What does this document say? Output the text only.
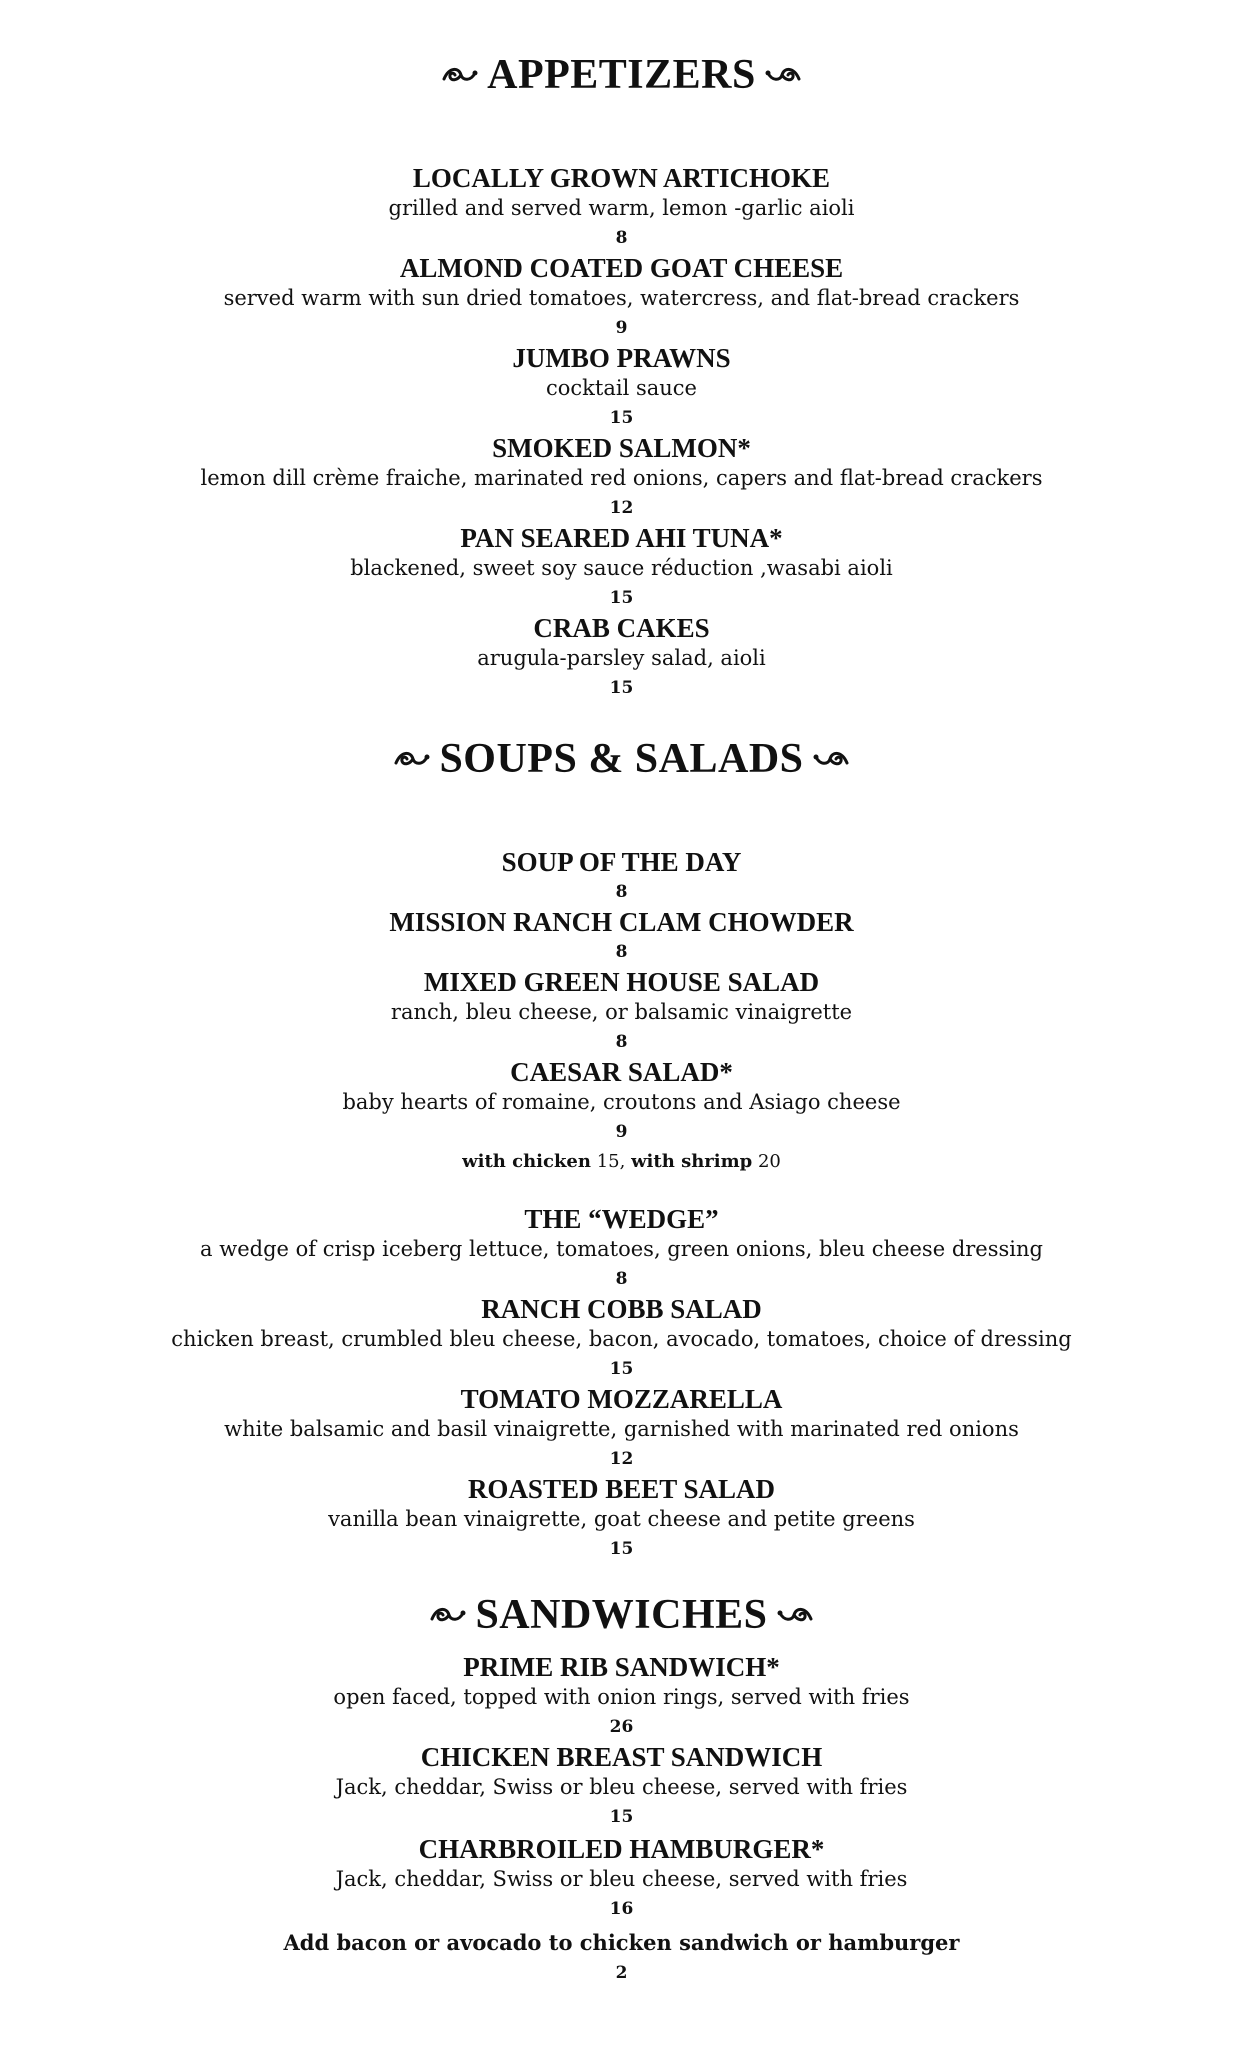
APPETIZERS

LOCALLY GROWN ARTICHOKE

grilled and served warm, lemon -garlic aioli

8

ALMOND COATED GOAT CHEESE

served warm with sun dried tomatoes, watercress, and flat-bread crackers

9

JUMBO PRAWNS

cocktail sauce

15

SMOKED SALMON*

lemon dill crème fraiche, marinated red onions, capers and flat-bread crackers

12

PAN SEARED AHI TUNA*

blackened, sweet soy sauce réduction ,wasabi aioli

15

CRAB CAKES

arugula-parsley salad, aioli

15

SOUPS & SALADS

SOUP OF THE DAY

8

MISSION RANCH CLAM CHOWDER

8

MIXED GREEN HOUSE SALAD

ranch, bleu cheese, or balsamic vinaigrette

8

CAESAR SALAD*

baby hearts of romaine, croutons and Asiago cheese

9

with chicken 15, with shrimp 20

THE “WEDGE”

a wedge of crisp iceberg lettuce, tomatoes, green onions, bleu cheese dressing

8

RANCH COBB SALAD

chicken breast, crumbled bleu cheese, bacon, avocado, tomatoes, choice of dressing

15

TOMATO MOZZARELLA

white balsamic and basil vinaigrette, garnished with marinated red onions

12

ROASTED BEET SALAD

vanilla bean vinaigrette, goat cheese and petite greens

15

SANDWICHES

PRIME RIB SANDWICH*

open faced, topped with onion rings, served with fries

26

CHICKEN BREAST SANDWICH

Jack, cheddar, Swiss or bleu cheese, served with fries

15

CHARBROILED HAMBURGER*

Jack, cheddar, Swiss or bleu cheese, served with fries

16

Add bacon or avocado to chicken sandwich or hamburger

2
